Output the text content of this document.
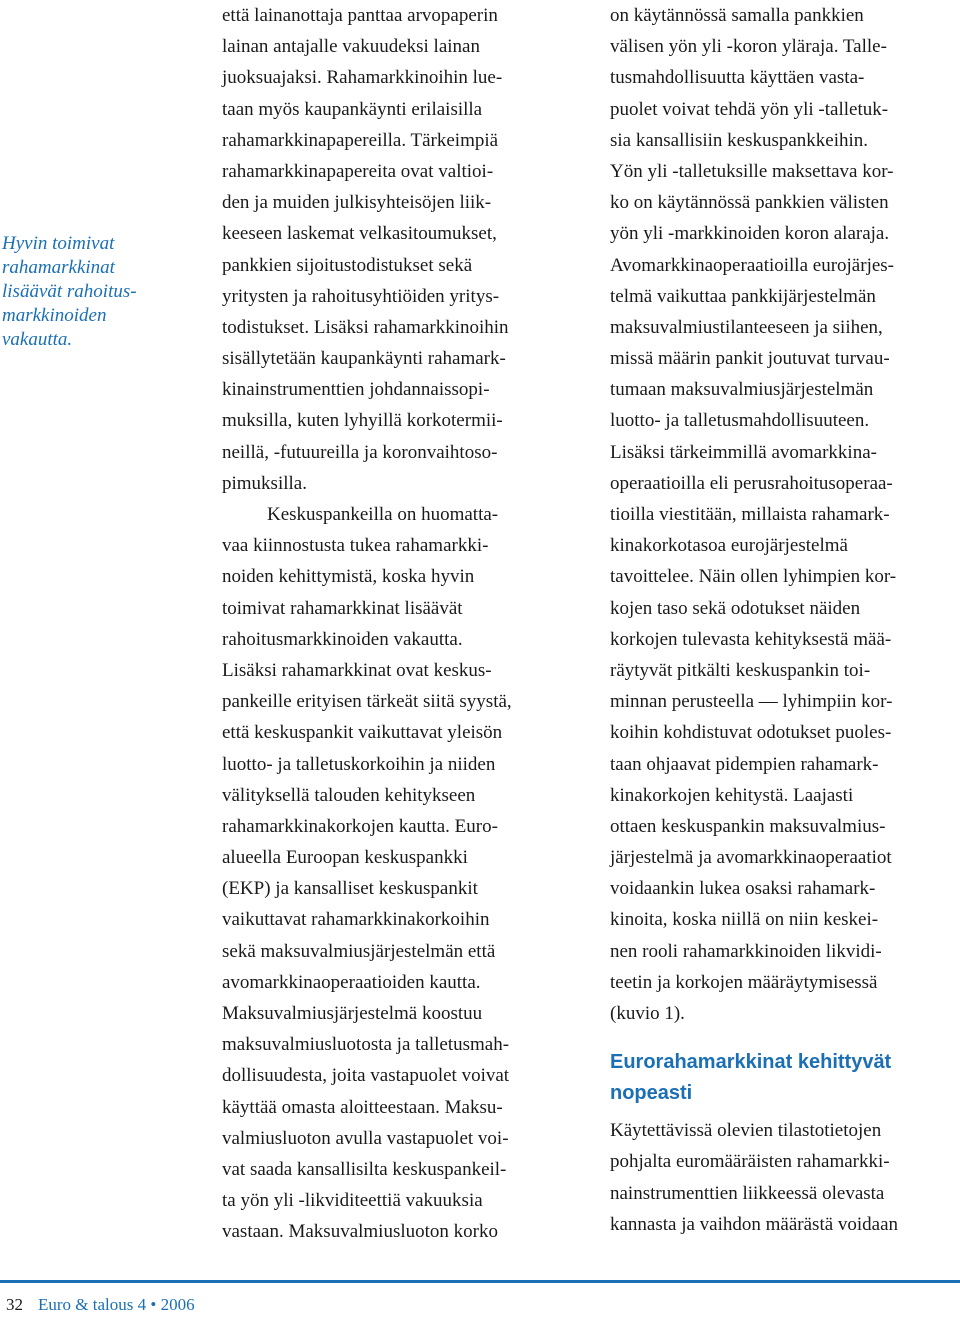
Hyvin toimivat
rahamarkkinat
lisäävät rahoitus-
markkinoiden
vakautta.
että lainanottaja panttaa arvopaperin
lainan antajalle vakuudeksi lainan
juoksuajaksi. Rahamarkkinoihin lue-
taan myös kaupankäynti erilaisilla
rahamarkkinapapereilla. Tärkeimpiä
rahamarkkinapapereita ovat valtioi-
den ja muiden julkisyhteisöjen liik-
keeseen laskemat velkasitoumukset,
pankkien sijoitustodistukset sekä
yritysten ja rahoitusyhtiöiden yritys-
todistukset. Lisäksi rahamarkkinoihin
sisällytetään kaupankäynti rahamark-
kinainstrumenttien johdannaissopi-
muksilla, kuten lyhyillä korkotermii-
neillä, -futuureilla ja koronvaihtoso-
pimuksilla.
Keskuspankeilla on huomatta-
vaa kiinnostusta tukea rahamarkki-
noiden kehittymistä, koska hyvin
toimivat rahamarkkinat lisäävät
rahoitusmarkkinoiden vakautta.
Lisäksi rahamarkkinat ovat keskus-
pankeille erityisen tärkeät siitä syystä,
että keskuspankit vaikuttavat yleisön
luotto- ja talletuskorkoihin ja niiden
välityksellä talouden kehitykseen
rahamarkkinakorkojen kautta. Euro-
alueella Euroopan keskuspankki
(EKP) ja kansalliset keskuspankit
vaikuttavat rahamarkkinakorkoihin
sekä maksuvalmiusjärjestelmän että
avomarkkinaoperaatioiden kautta.
Maksuvalmiusjärjestelmä koostuu
maksuvalmiusluotosta ja talletusmah-
dollisuudesta, joita vastapuolet voivat
käyttää omasta aloitteestaan. Maksu-
valmiusluoton avulla vastapuolet voi-
vat saada kansallisilta keskuspankeil-
ta yön yli -likviditeettiä vakuuksia
vastaan. Maksuvalmiusluoton korko
on käytännössä samalla pankkien
välisen yön yli -koron yläraja. Talle-
tusmahdollisuutta käyttäen vasta-
puolet voivat tehdä yön yli -talletuk-
sia kansallisiin keskuspankkeihin.
Yön yli -talletuksille maksettava kor-
ko on käytännössä pankkien välisten
yön yli -markkinoiden koron alaraja.
Avomarkkinaoperaatioilla eurojärjes-
telmä vaikuttaa pankkijärjestelmän
maksuvalmiustilanteeseen ja siihen,
missä määrin pankit joutuvat turvau-
tumaan maksuvalmiusjärjestelmän
luotto- ja talletusmahdollisuuteen.
Lisäksi tärkeimmillä avomarkkina-
operaatioilla eli perusrahoitusoperaa-
tioilla viestitään, millaista rahamark-
kinakorkotasoa eurojärjestelmä
tavoittelee. Näin ollen lyhimpien kor-
kojen taso sekä odotukset näiden
korkojen tulevasta kehityksestä mää-
räytyvät pitkälti keskuspankin toi-
minnan perusteella — lyhimpiin kor-
koihin kohdistuvat odotukset puoles-
taan ohjaavat pidempien rahamark-
kinakorkojen kehitystä. Laajasti
ottaen keskuspankin maksuvalmius-
järjestelmä ja avomarkkinaoperaatiot
voidaankin lukea osaksi rahamark-
kinoita, koska niillä on niin keskei-
nen rooli rahamarkkinoiden likvidi-
teetin ja korkojen määräytymisessä
(kuvio 1).
Eurorahamarkkinat kehittyvät
nopeasti
Käytettävissä olevien tilastotietojen
pohjalta euromääräisten rahamarkki-
nainstrumenttien liikkeessä olevasta
kannasta ja vaihdon määrästä voidaan
32 Euro & talous 4 • 2006
